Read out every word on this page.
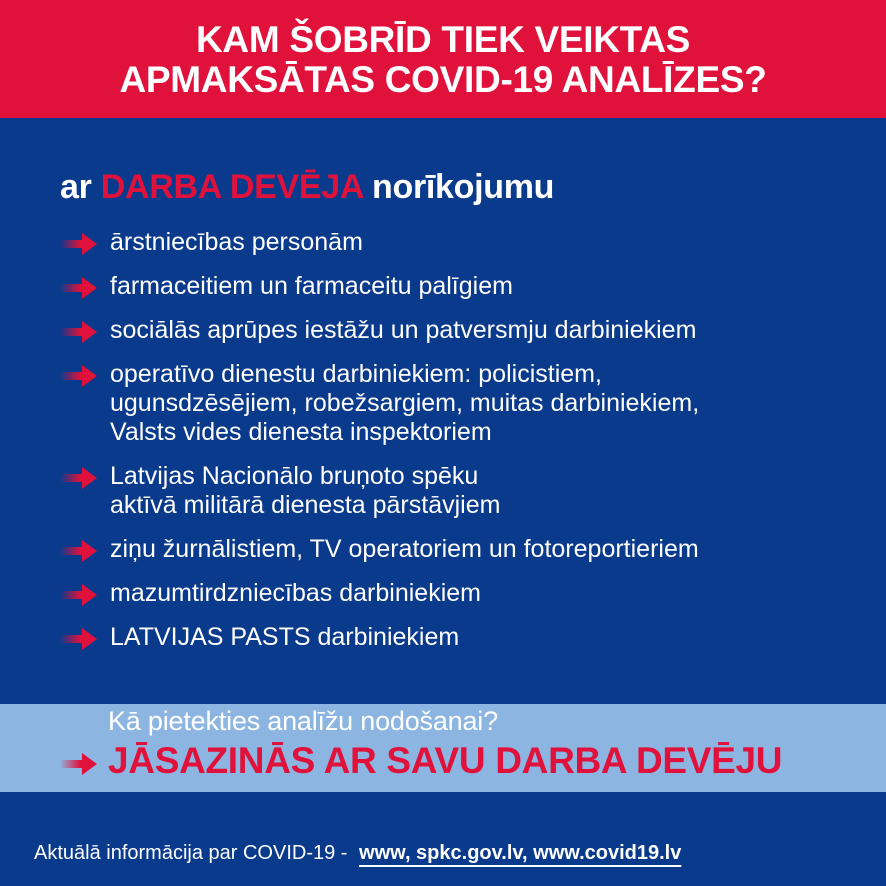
KAM ŠOBRĪD TIEK VEIKTAS
APMAKSĀTAS COVID-19 ANALĪZES?
ar DARBA DEVĒJA norīkojumu
ārstniecības personām
farmaceitiem un farmaceitu palīgiem
sociālās aprūpes iestāžu un patversmju darbiniekiem
operatīvo dienestu darbiniekiem: policistiem,
ugunsdzēsējiem, robežsargiem, muitas darbiniekiem,
Valsts vides dienesta inspektoriem
Latvijas Nacionālo bruņoto spēku
aktīvā militārā dienesta pārstāvjiem
ziņu žurnālistiem, TV operatoriem un fotoreportieriem
mazumtirdzniecības darbiniekiem
LATVIJAS PASTS darbiniekiem
Kā pietekties analīžu nodošanai?
JĀSAZINĀS AR SAVU DARBA DEVĒJU
Aktuālā informācija par COVID-19 - www, spkc.gov.lv, www.covid19.lv
